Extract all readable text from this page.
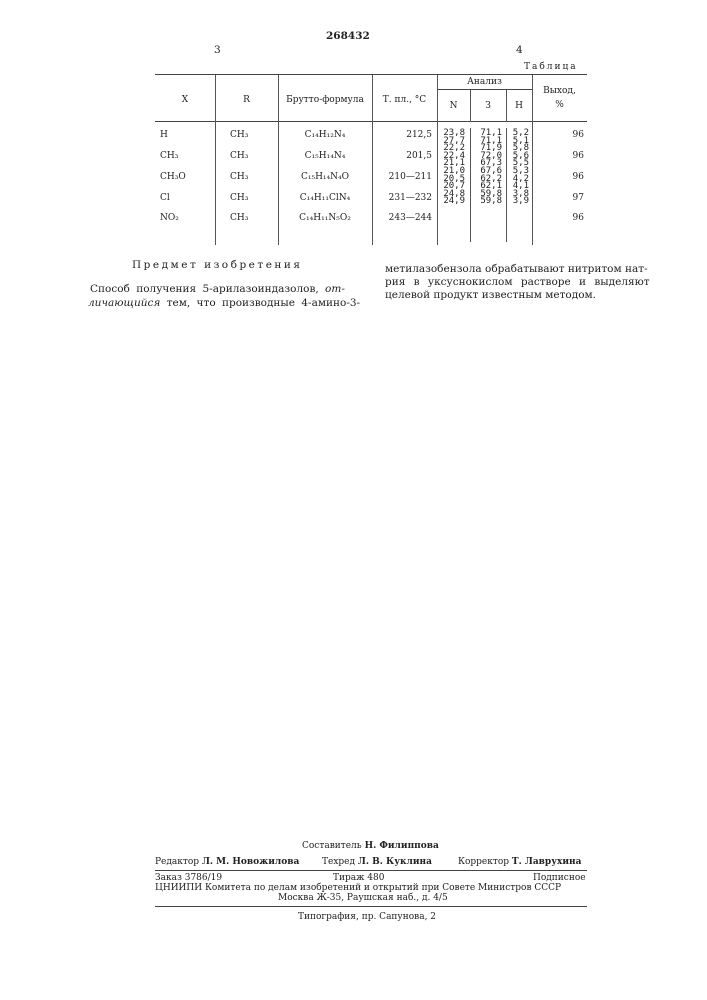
268432
3	4
Таблица
X	R	Брутто-формула	Т. пл., °С
Анализ
N	З	H
Выход,
%
H	CH₃	C₁₄H₁₂N₄	212,5	96
CH₃	CH₃	C₁₅H₁₄N₄	201,5	96
CH₃O	CH₃	C₁₅H₁₄N₄O	210—211	96
Cl	CH₃	C₁₄H₁₁ClN₄	231—232	97
NO₂	CH₃	C₁₄H₁₁N₅O₂	243—244	96
23,8
27,7
22,2
22,4
21,1
21,0
20,5
20,7
24,8
24,9
71,1
71,1
71,9
72,0
67,3
67,6
62,2
62,1
59,8
59,8
5,2
5,1
5,8
5,6
5,5
5,3
4,2
4,1
3,8
3,9
Предмет изобретения
Способ получения 5-арилазоиндазолов, от-
личающийся тем, что производные 4-амино-3-
метилазобензола обрабатывают нитритом нат-
рия в уксуснокислом растворе и выделяют
целевой продукт известным методом.
Составитель Н. Филиппова
Редактор Л. М. Новожилова	Техред Л. В. Куклина	Корректор Т. Лаврухина
Заказ 3786/19	Тираж 480	Подписное
ЦНИИПИ Комитета по делам изобретений и открытий при Совете Министров СССР
Москва Ж-35, Раушская наб., д. 4/5
Типография, пр. Сапунова, 2
